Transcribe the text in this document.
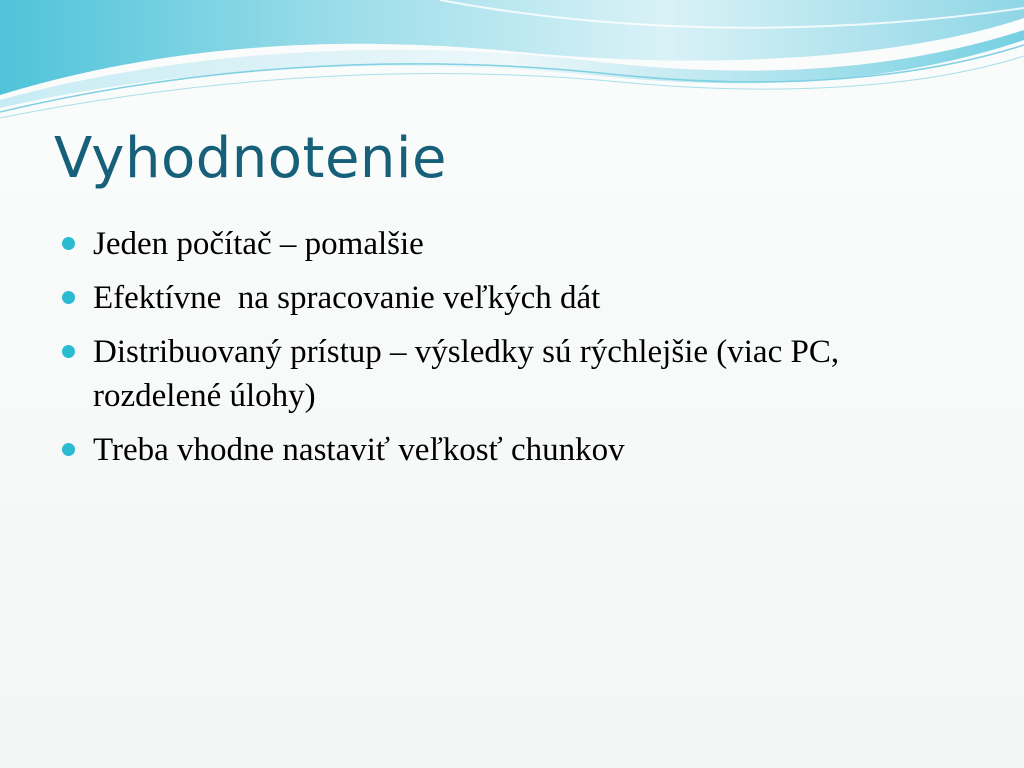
Vyhodnotenie
Jeden počítač – pomalšie
Efektívne  na spracovanie veľkých dát
Distribuovaný prístup – výsledky sú rýchlejšie (viac PC, rozdelené úlohy)
Treba vhodne nastaviť veľkosť chunkov
